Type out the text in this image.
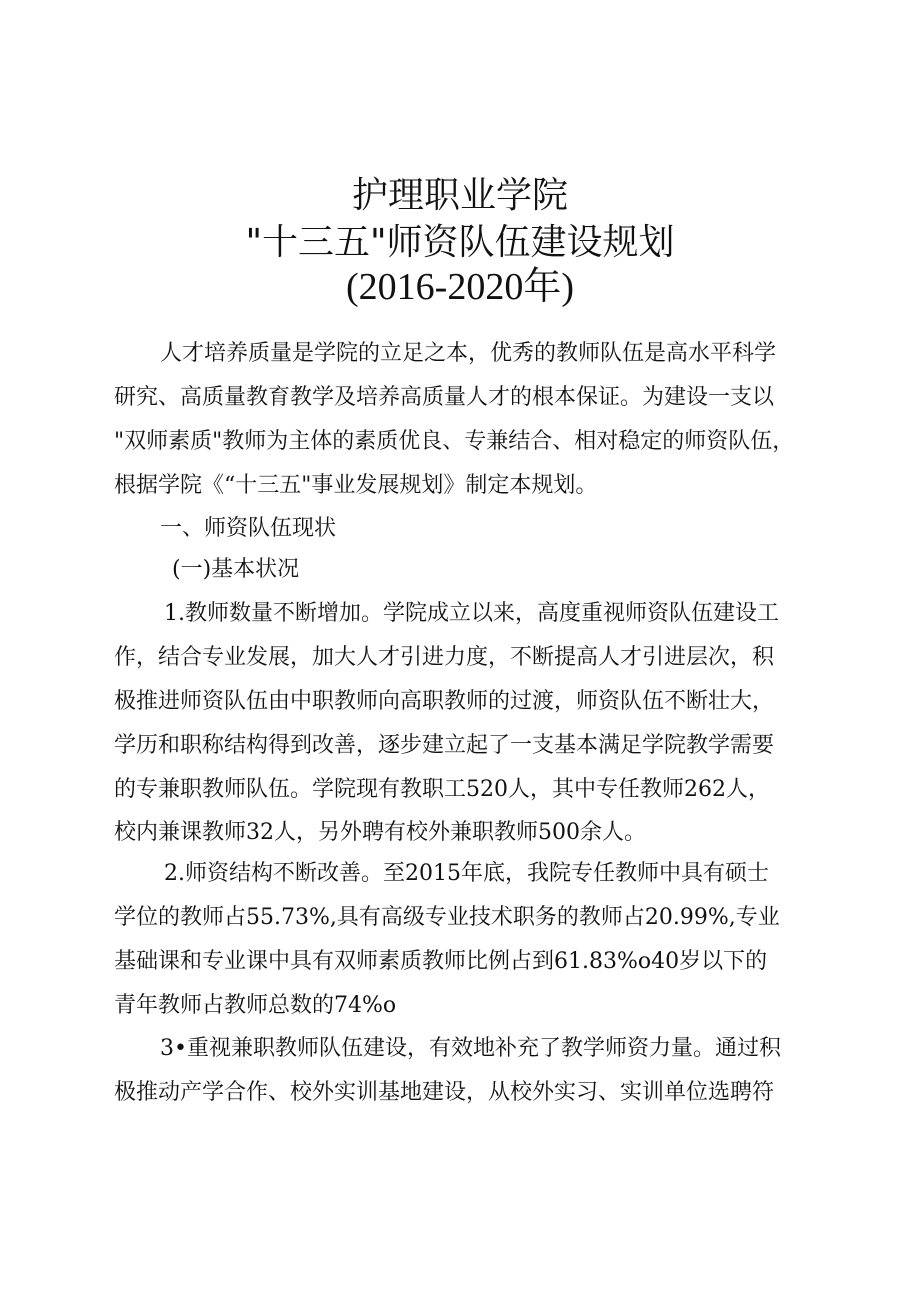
护理职业学院
"十三五"师资队伍建设规划
(2016-2020年)
人才培养质量是学院的立足之本，优秀的教师队伍是高水平科学
研究、高质量教育教学及培养高质量人才的根本保证。为建设一支以
"双师素质"教师为主体的素质优良、专兼结合、相对稳定的师资队伍，
根据学院《“十三五"事业发展规划》制定本规划。
一、师资队伍现状
(一)基本状况
1.教师数量不断增加。学院成立以来，高度重视师资队伍建设工
作，结合专业发展，加大人才引进力度，不断提高人才引进层次，积
极推进师资队伍由中职教师向高职教师的过渡，师资队伍不断壮大，
学历和职称结构得到改善，逐步建立起了一支基本满足学院教学需要
的专兼职教师队伍。学院现有教职工520人，其中专任教师262人，
校内兼课教师32人，另外聘有校外兼职教师500余人。
2.师资结构不断改善。至2015年底，我院专任教师中具有硕士
学位的教师占55.73%,具有高级专业技术职务的教师占20.99%,专业
基础课和专业课中具有双师素质教师比例占到61.83%o40岁以下的
青年教师占教师总数的74%o
3•重视兼职教师队伍建设，有效地补充了教学师资力量。通过积
极推动产学合作、校外实训基地建设，从校外实习、实训单位选聘符
